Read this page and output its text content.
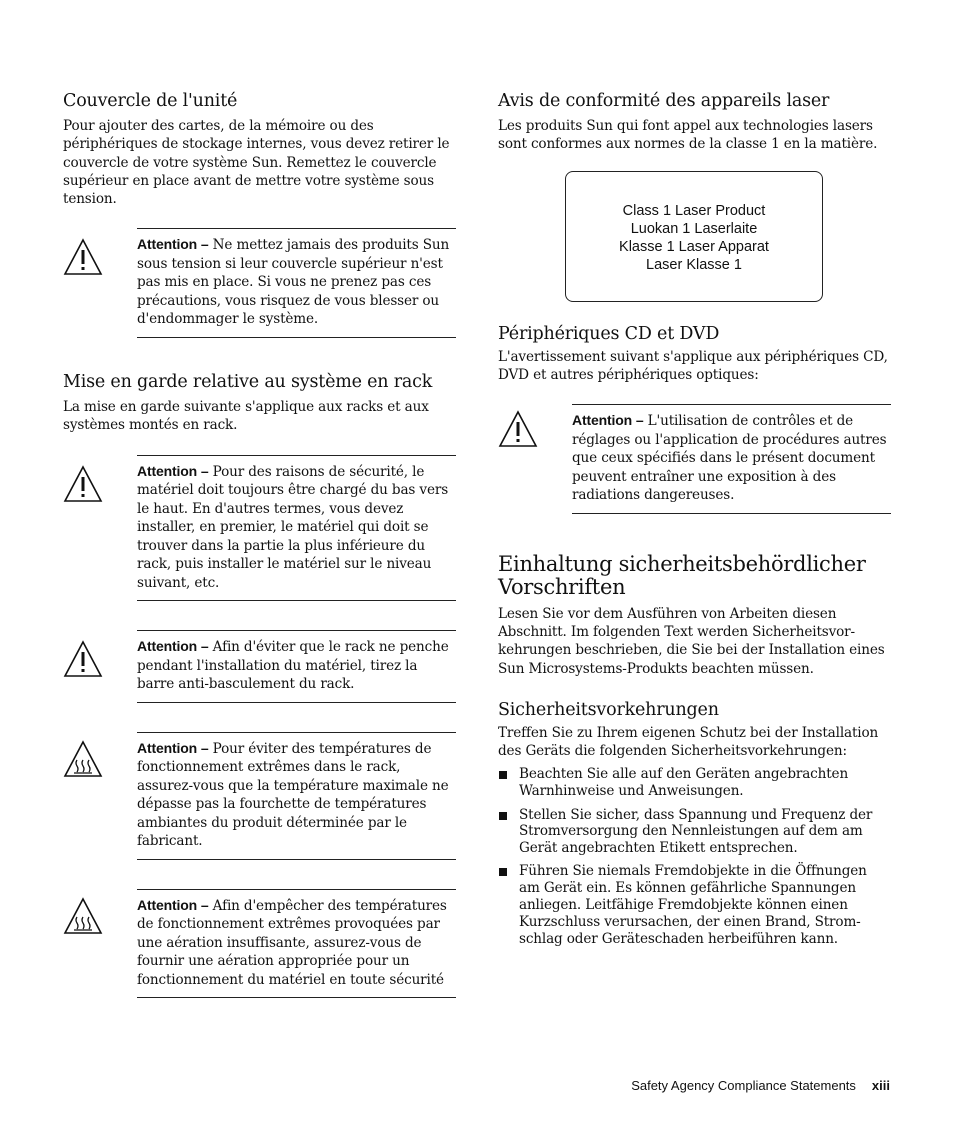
Couvercle de l'unité

Pour ajouter des cartes, de la mémoire ou des périphériques de stockage internes, vous devez retirer le couvercle de votre système Sun. Remettez le couvercle supérieur en place avant de mettre votre système sous tension.

Attention – Ne mettez jamais des produits Sun sous tension si leur couvercle supérieur n'est pas mis en place. Si vous ne prenez pas ces précautions, vous risquez de vous blesser ou d'endommager le système.
Mise en garde relative au système en rack

La mise en garde suivante s'applique aux racks et aux systèmes montés en rack.

Attention – Pour des raisons de sécurité, le matériel doit toujours être chargé du bas vers le haut. En d'autres termes, vous devez installer, en premier, le matériel qui doit se trouver dans la partie la plus inférieure du rack, puis installer le matériel sur le niveau suivant, etc.
Attention – Afin d'éviter que le rack ne penche pendant l'installation du matériel, tirez la barre anti-basculement du rack.
Attention – Pour éviter des températures de fonctionnement extrêmes dans le rack, assurez-vous que la température maximale ne dépasse pas la fourchette de températures ambiantes du produit déterminée par le fabricant.
Attention – Afin d'empêcher des températures de fonctionnement extrêmes provoquées par une aération insuffisante, assurez-vous de fournir une aération appropriée pour un fonctionnement du matériel en toute sécurité
Avis de conformité des appareils laser

Les produits Sun qui font appel aux technologies lasers sont conformes aux normes de la classe 1 en la matière.

Périphériques CD et DVD

L'avertissement suivant s'applique aux périphériques CD, DVD et autres périphériques optiques:

Attention – L'utilisation de contrôles et de réglages ou l'application de procédures autres que ceux spécifiés dans le présent document peuvent entraîner une exposition à des radiations dangereuses.
Einhaltung sicherheitsbehördlicher Vorschriften

Lesen Sie vor dem Ausführen von Arbeiten diesen Abschnitt. Im folgenden Text werden Sicherheitsvor-kehrungen beschrieben, die Sie bei der Installation eines Sun Microsystems-Produkts beachten müssen.

Sicherheitsvorkehrungen

Treffen Sie zu Ihrem eigenen Schutz bei der Installation des Geräts die folgenden Sicherheitsvorkehrungen:

Beachten Sie alle auf den Geräten angebrachten Warnhinweise und Anweisungen.
Stellen Sie sicher, dass Spannung und Frequenz der Stromversorgung den Nennleistungen auf dem am Gerät angebrachten Etikett entsprechen.
Führen Sie niemals Fremdobjekte in die Öffnungen am Gerät ein. Es können gefährliche Spannungen anliegen. Leitfähige Fremdobjekte können einen Kurzschluss verursachen, der einen Brand, Strom-schlag oder Geräteschaden herbeiführen kann.
Class 1 Laser Product
Luokan 1 Laserlaite
Klasse 1 Laser Apparat
Laser Klasse 1
Safety Agency Compliance Statements xiii
